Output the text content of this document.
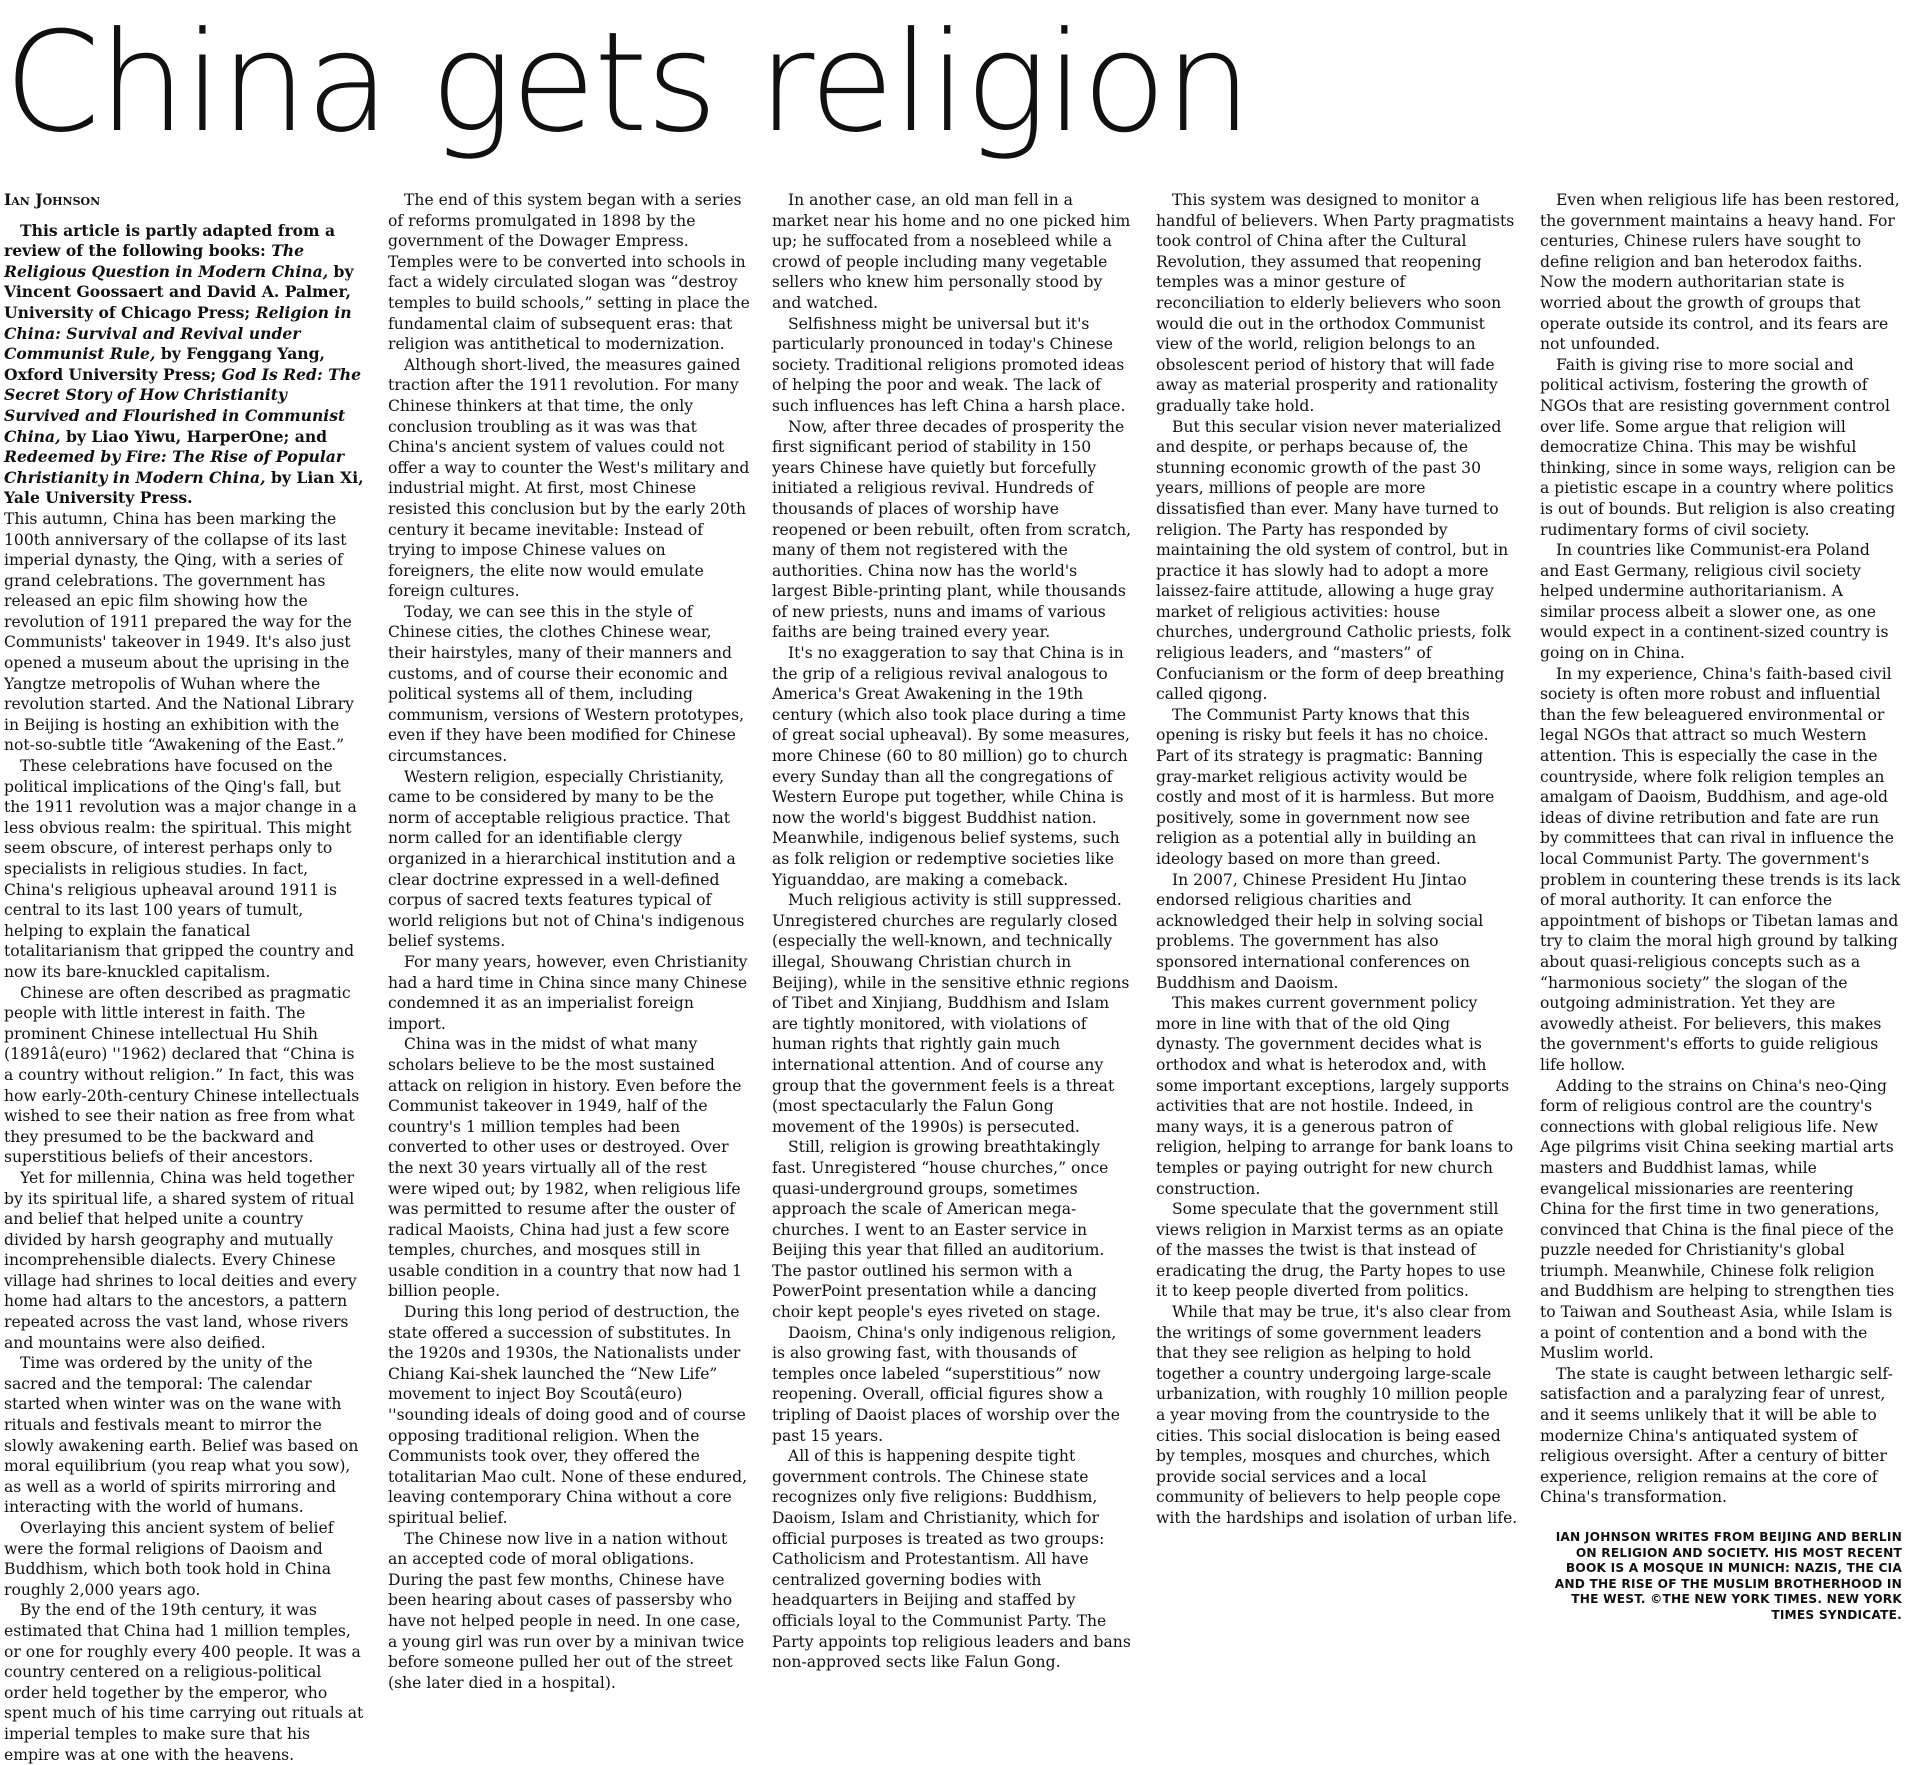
China gets religion
Ian Johnson

This article is partly adapted from a review of the following books: The Religious Question in Modern China, by Vincent Goossaert and David A. Palmer, University of Chicago Press; Religion in China: Survival and Revival under Communist Rule, by Fenggang Yang, Oxford University Press; God Is Red: The Secret Story of How Christianity Survived and Flourished in Communist China, by Liao Yiwu, HarperOne; and Redeemed by Fire: The Rise of Popular Christianity in Modern China, by Lian Xi, Yale University Press.

This autumn, China has been marking the 100th anniversary of the collapse of its last imperial dynasty, the Qing, with a series of grand celebrations. The government has released an epic film showing how the revolution of 1911 prepared the way for the Communists' takeover in 1949. It's also just opened a museum about the uprising in the Yangtze metropolis of Wuhan where the revolution started. And the National Library in Beijing is hosting an exhibition with the not-so-subtle title “Awakening of the East.”

These celebrations have focused on the political implications of the Qing's fall, but the 1911 revolution was a major change in a less obvious realm: the spiritual. This might seem obscure, of interest perhaps only to specialists in religious studies. In fact, China's religious upheaval around 1911 is central to its last 100 years of tumult, helping to explain the fanatical totalitarianism that gripped the country and now its bare-knuckled capitalism.

Chinese are often described as pragmatic people with little interest in faith. The prominent Chinese intellectual Hu Shih (1891â(euro) ''1962) declared that “China is a country without religion.” In fact, this was how early-20th-century Chinese intellectuals wished to see their nation as free from what they presumed to be the backward and superstitious beliefs of their ancestors.

Yet for millennia, China was held together by its spiritual life, a shared system of ritual and belief that helped unite a country divided by harsh geography and mutually incomprehensible dialects. Every Chinese village had shrines to local deities and every home had altars to the ancestors, a pattern repeated across the vast land, whose rivers and mountains were also deified.

Time was ordered by the unity of the sacred and the temporal: The calendar started when winter was on the wane with rituals and festivals meant to mirror the slowly awakening earth. Belief was based on moral equilibrium (you reap what you sow), as well as a world of spirits mirroring and interacting with the world of humans.

Overlaying this ancient system of belief were the formal religions of Daoism and Buddhism, which both took hold in China roughly 2,000 years ago.

By the end of the 19th century, it was estimated that China had 1 million temples, or one for roughly every 400 people. It was a country centered on a religious-political order held together by the emperor, who spent much of his time carrying out rituals at imperial temples to make sure that his empire was at one with the heavens.

The end of this system began with a series of reforms promulgated in 1898 by the government of the Dowager Empress. Temples were to be converted into schools in fact a widely circulated slogan was “destroy temples to build schools,” setting in place the fundamental claim of subsequent eras: that religion was antithetical to modernization.

Although short-lived, the measures gained traction after the 1911 revolution. For many Chinese thinkers at that time, the only conclusion troubling as it was was that China's ancient system of values could not offer a way to counter the West's military and industrial might. At first, most Chinese resisted this conclusion but by the early 20th century it became inevitable: Instead of trying to impose Chinese values on foreigners, the elite now would emulate foreign cultures.

Today, we can see this in the style of Chinese cities, the clothes Chinese wear, their hairstyles, many of their manners and customs, and of course their economic and political systems all of them, including communism, versions of Western prototypes, even if they have been modified for Chinese circumstances.

Western religion, especially Christianity, came to be considered by many to be the norm of acceptable religious practice. That norm called for an identifiable clergy organized in a hierarchical institution and a clear doctrine expressed in a well-defined corpus of sacred texts features typical of world religions but not of China's indigenous belief systems.

For many years, however, even Christianity had a hard time in China since many Chinese condemned it as an imperialist foreign import.

China was in the midst of what many scholars believe to be the most sustained attack on religion in history. Even before the Communist takeover in 1949, half of the country's 1 million temples had been converted to other uses or destroyed. Over the next 30 years virtually all of the rest were wiped out; by 1982, when religious life was permitted to resume after the ouster of radical Maoists, China had just a few score temples, churches, and mosques still in usable condition in a country that now had 1 billion people.

During this long period of destruction, the state offered a succession of substitutes. In the 1920s and 1930s, the Nationalists under Chiang Kai-shek launched the “New Life” movement to inject Boy Scoutâ(euro) ''sounding ideals of doing good and of course opposing traditional religion. When the Communists took over, they offered the totalitarian Mao cult. None of these endured, leaving contemporary China without a core spiritual belief.

The Chinese now live in a nation without an accepted code of moral obligations. During the past few months, Chinese have been hearing about cases of passersby who have not helped people in need. In one case, a young girl was run over by a minivan twice before someone pulled her out of the street (she later died in a hospital).

In another case, an old man fell in a market near his home and no one picked him up; he suffocated from a nosebleed while a crowd of people including many vegetable sellers who knew him personally stood by and watched.

Selfishness might be universal but it's particularly pronounced in today's Chinese society. Traditional religions promoted ideas of helping the poor and weak. The lack of such influences has left China a harsh place.

Now, after three decades of prosperity the first significant period of stability in 150 years Chinese have quietly but forcefully initiated a religious revival. Hundreds of thousands of places of worship have reopened or been rebuilt, often from scratch, many of them not registered with the authorities. China now has the world's largest Bible-printing plant, while thousands of new priests, nuns and imams of various faiths are being trained every year.

It's no exaggeration to say that China is in the grip of a religious revival analogous to America's Great Awakening in the 19th century (which also took place during a time of great social upheaval). By some measures, more Chinese (60 to 80 million) go to church every Sunday than all the congregations of Western Europe put together, while China is now the world's biggest Buddhist nation. Meanwhile, indigenous belief systems, such as folk religion or redemptive societies like Yiguanddao, are making a comeback.

Much religious activity is still suppressed. Unregistered churches are regularly closed (especially the well-known, and technically illegal, Shouwang Christian church in Beijing), while in the sensitive ethnic regions of Tibet and Xinjiang, Buddhism and Islam are tightly monitored, with violations of human rights that rightly gain much international attention. And of course any group that the government feels is a threat (most spectacularly the Falun Gong movement of the 1990s) is persecuted.

Still, religion is growing breathtakingly fast. Unregistered “house churches,” once quasi-underground groups, sometimes approach the scale of American mega-churches. I went to an Easter service in Beijing this year that filled an auditorium. The pastor outlined his sermon with a PowerPoint presentation while a dancing choir kept people's eyes riveted on stage.

Daoism, China's only indigenous religion, is also growing fast, with thousands of temples once labeled “superstitious” now reopening. Overall, official figures show a tripling of Daoist places of worship over the past 15 years.

All of this is happening despite tight government controls. The Chinese state recognizes only five religions: Buddhism, Daoism, Islam and Christianity, which for official purposes is treated as two groups: Catholicism and Protestantism. All have centralized governing bodies with headquarters in Beijing and staffed by officials loyal to the Communist Party. The Party appoints top religious leaders and bans non-approved sects like Falun Gong.

This system was designed to monitor a handful of believers. When Party pragmatists took control of China after the Cultural Revolution, they assumed that reopening temples was a minor gesture of reconciliation to elderly believers who soon would die out in the orthodox Communist view of the world, religion belongs to an obsolescent period of history that will fade away as material prosperity and rationality gradually take hold.

But this secular vision never materialized and despite, or perhaps because of, the stunning economic growth of the past 30 years, millions of people are more dissatisfied than ever. Many have turned to religion. The Party has responded by maintaining the old system of control, but in practice it has slowly had to adopt a more laissez-faire attitude, allowing a huge gray market of religious activities: house churches, underground Catholic priests, folk religious leaders, and “masters” of Confucianism or the form of deep breathing called qigong.

The Communist Party knows that this opening is risky but feels it has no choice. Part of its strategy is pragmatic: Banning gray-market religious activity would be costly and most of it is harmless. But more positively, some in government now see religion as a potential ally in building an ideology based on more than greed.

In 2007, Chinese President Hu Jintao endorsed religious charities and acknowledged their help in solving social problems. The government has also sponsored international conferences on Buddhism and Daoism.

This makes current government policy more in line with that of the old Qing dynasty. The government decides what is orthodox and what is heterodox and, with some important exceptions, largely supports activities that are not hostile. Indeed, in many ways, it is a generous patron of religion, helping to arrange for bank loans to temples or paying outright for new church construction.

Some speculate that the government still views religion in Marxist terms as an opiate of the masses the twist is that instead of eradicating the drug, the Party hopes to use it to keep people diverted from politics.

While that may be true, it's also clear from the writings of some government leaders that they see religion as helping to hold together a country undergoing large-scale urbanization, with roughly 10 million people a year moving from the countryside to the cities. This social dislocation is being eased by temples, mosques and churches, which provide social services and a local community of believers to help people cope with the hardships and isolation of urban life.

Even when religious life has been restored, the government maintains a heavy hand. For centuries, Chinese rulers have sought to define religion and ban heterodox faiths. Now the modern authoritarian state is worried about the growth of groups that operate outside its control, and its fears are not unfounded.

Faith is giving rise to more social and political activism, fostering the growth of NGOs that are resisting government control over life. Some argue that religion will democratize China. This may be wishful thinking, since in some ways, religion can be a pietistic escape in a country where politics is out of bounds. But religion is also creating rudimentary forms of civil society.

In countries like Communist-era Poland and East Germany, religious civil society helped undermine authoritarianism. A similar process albeit a slower one, as one would expect in a continent-sized country is going on in China.

In my experience, China's faith-based civil society is often more robust and influential than the few beleaguered environmental or legal NGOs that attract so much Western attention. This is especially the case in the countryside, where folk religion temples an amalgam of Daoism, Buddhism, and age-old ideas of divine retribution and fate are run by committees that can rival in influence the local Communist Party. The government's problem in countering these trends is its lack of moral authority. It can enforce the appointment of bishops or Tibetan lamas and try to claim the moral high ground by talking about quasi-religious concepts such as a “harmonious society” the slogan of the outgoing administration. Yet they are avowedly atheist. For believers, this makes the government's efforts to guide religious life hollow.

Adding to the strains on China's neo-Qing form of religious control are the country's connections with global religious life. New Age pilgrims visit China seeking martial arts masters and Buddhist lamas, while evangelical missionaries are reentering China for the first time in two generations, convinced that China is the final piece of the puzzle needed for Christianity's global triumph. Meanwhile, Chinese folk religion and Buddhism are helping to strengthen ties to Taiwan and Southeast Asia, while Islam is a point of contention and a bond with the Muslim world.

The state is caught between lethargic self-satisfaction and a paralyzing fear of unrest, and it seems unlikely that it will be able to modernize China's antiquated system of religious oversight. After a century of bitter experience, religion remains at the core of China's transformation.

IAN JOHNSON WRITES FROM BEIJING AND BERLIN ON RELIGION AND SOCIETY. HIS MOST RECENT BOOK IS A MOSQUE IN MUNICH: NAZIS, THE CIA AND THE RISE OF THE MUSLIM BROTHERHOOD IN THE WEST. ©THE NEW YORK TIMES. NEW YORK TIMES SYNDICATE.
